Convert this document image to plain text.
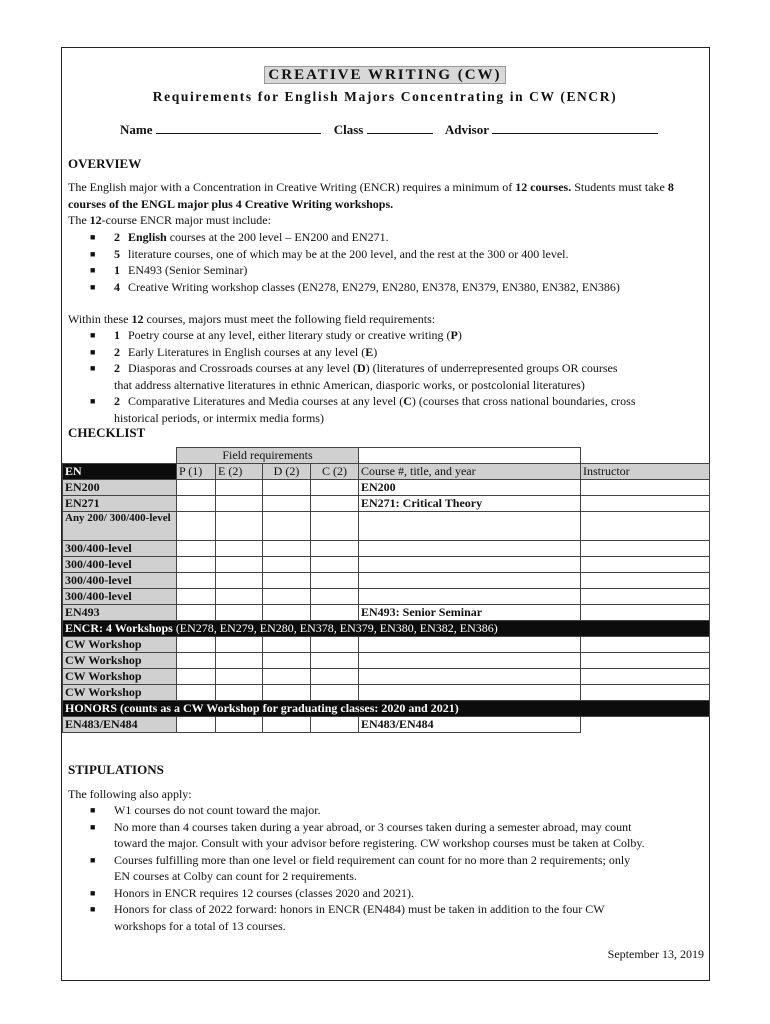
CREATIVE WRITING (CW)
Requirements for English Majors Concentrating in CW (ENCR)
Name	Class	Advisor
OVERVIEW
The English major with a Concentration in Creative Writing (ENCR) requires a minimum of 12 courses. Students must take 8 courses of the ENGL major plus 4 Creative Writing workshops.
The 12-course ENCR major must include:
■ 2 English courses at the 200 level – EN200 and EN271.
■ 5 literature courses, one of which may be at the 200 level, and the rest at the 300 or 400 level.
■ 1 EN493 (Senior Seminar)
■ 4 Creative Writing workshop classes (EN278, EN279, EN280, EN378, EN379, EN380, EN382, EN386)
Within these 12 courses, majors must meet the following field requirements:
■ 1 Poetry course at any level, either literary study or creative writing (P)
■ 2 Early Literatures in English courses at any level (E)
■ 2 Diasporas and Crossroads courses at any level (D) (literatures of underrepresented groups OR courses
that address alternative literatures in ethnic American, diasporic works, or postcolonial literatures)
■ 2 Comparative Literatures and Media courses at any level (C) (courses that cross national boundaries, cross
historical periods, or intermix media forms)
CHECKLIST
	Field requirements					
EN	P (1)	E (2)	D (2)	C (2)	Course #, title, and year	Instructor
EN200					EN200	
EN271					EN271: Critical Theory	
Any 200/ 300/400-level						
300/400-level						
300/400-level						
300/400-level						
300/400-level						
EN493					EN493: Senior Seminar	
ENCR: 4 Workshops (EN278, EN279, EN280, EN378, EN379, EN380, EN382, EN386)						
CW Workshop						
CW Workshop						
CW Workshop						
CW Workshop						
HONORS (counts as a CW Workshop for graduating classes: 2020 and 2021)						
EN483/EN484					EN483/EN484	
STIPULATIONS
The following also apply:
■ W1 courses do not count toward the major.
■ No more than 4 courses taken during a year abroad, or 3 courses taken during a semester abroad, may count
toward the major. Consult with your advisor before registering. CW workshop courses must be taken at Colby.
■ Courses fulfilling more than one level or field requirement can count for no more than 2 requirements; only
EN courses at Colby can count for 2 requirements.
■ Honors in ENCR requires 12 courses (classes 2020 and 2021).
■ Honors for class of 2022 forward: honors in ENCR (EN484) must be taken in addition to the four CW
workshops for a total of 13 courses.
September 13, 2019
